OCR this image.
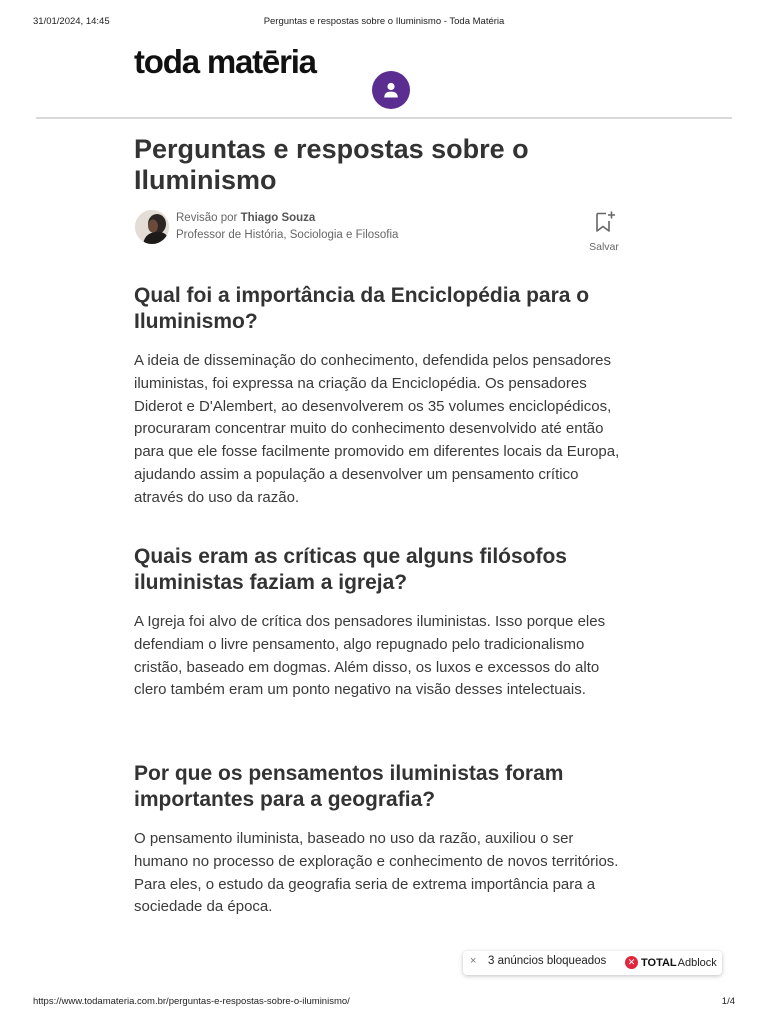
31/01/2024, 14:45	Perguntas e respostas sobre o Iluminismo - Toda Matéria
toda matēria
Perguntas e respostas sobre o Iluminismo
Revisão por Thiago Souza
Professor de História, Sociologia e Filosofia
Salvar
Qual foi a importância da Enciclopédia para o Iluminismo?

A ideia de disseminação do conhecimento, defendida pelos pensadores iluministas, foi expressa na criação da Enciclopédia. Os pensadores Diderot e D'Alembert, ao desenvolverem os 35 volumes enciclopédicos, procuraram concentrar muito do conhecimento desenvolvido até então para que ele fosse facilmente promovido em diferentes locais da Europa, ajudando assim a população a desenvolver um pensamento crítico através do uso da razão.

Quais eram as críticas que alguns filósofos iluministas faziam a igreja?

A Igreja foi alvo de crítica dos pensadores iluministas. Isso porque eles defendiam o livre pensamento, algo repugnado pelo tradicionalismo cristão, baseado em dogmas. Além disso, os luxos e excessos do alto clero também eram um ponto negativo na visão desses intelectuais.

Por que os pensamentos iluministas foram importantes para a geografia?

O pensamento iluminista, baseado no uso da razão, auxiliou o ser humano no processo de exploração e conhecimento de novos territórios. Para eles, o estudo da geografia seria de extrema importância para a sociedade da época.

× 3 anúncios bloqueados	✕ TOTAL Adblock
https://www.todamateria.com.br/perguntas-e-respostas-sobre-o-iluminismo/	1/4
